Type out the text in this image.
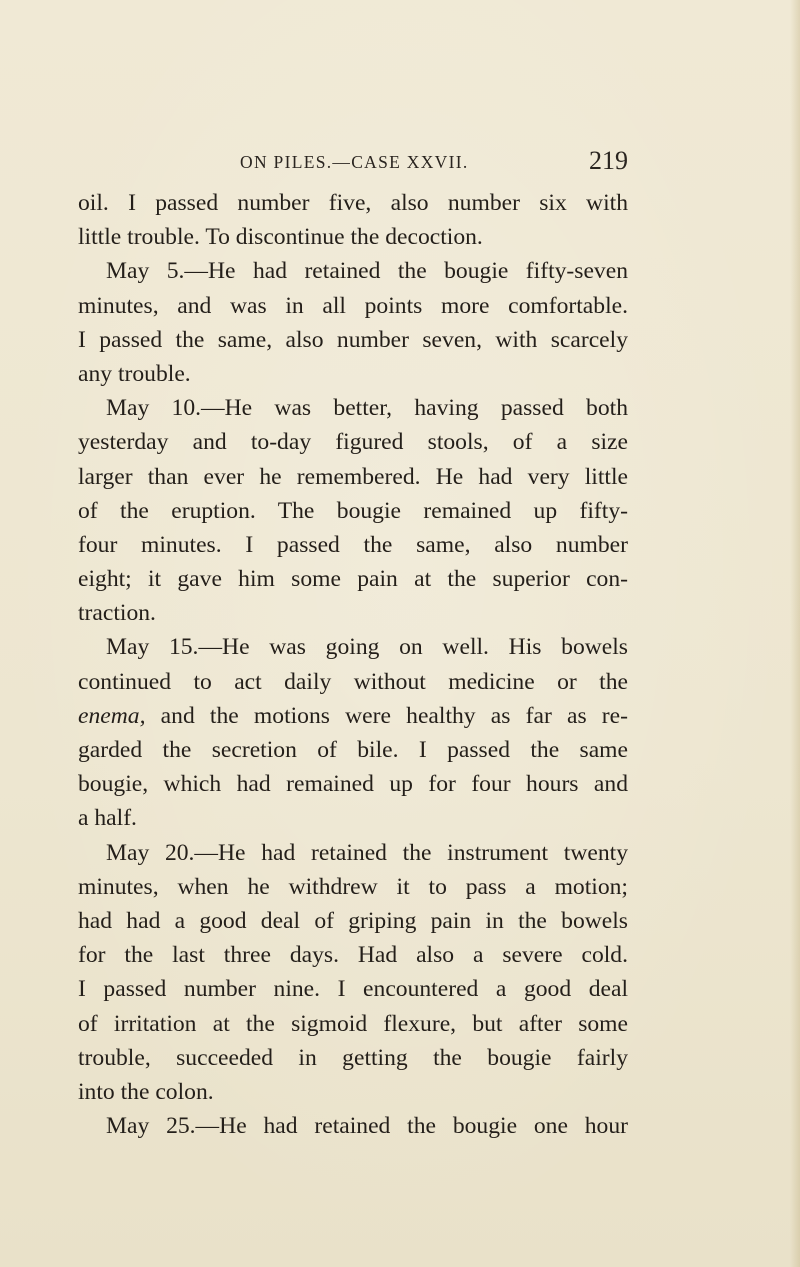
ON PILES.—CASE XXVII.	219
oil. I passed number five, also number six with
little trouble. To discontinue the decoction.
May 5.—He had retained the bougie fifty-seven
minutes, and was in all points more comfortable.
I passed the same, also number seven, with scarcely
any trouble.
May 10.—He was better, having passed both
yesterday and to-day figured stools, of a size
larger than ever he remembered. He had very little
of the eruption. The bougie remained up fifty-
four minutes. I passed the same, also number
eight; it gave him some pain at the superior con-
traction.
May 15.—He was going on well. His bowels
continued to act daily without medicine or the
enema, and the motions were healthy as far as re-
garded the secretion of bile. I passed the same
bougie, which had remained up for four hours and
a half.
May 20.—He had retained the instrument twenty
minutes, when he withdrew it to pass a motion;
had had a good deal of griping pain in the bowels
for the last three days. Had also a severe cold.
I passed number nine. I encountered a good deal
of irritation at the sigmoid flexure, but after some
trouble, succeeded in getting the bougie fairly
into the colon.
May 25.—He had retained the bougie one hour
